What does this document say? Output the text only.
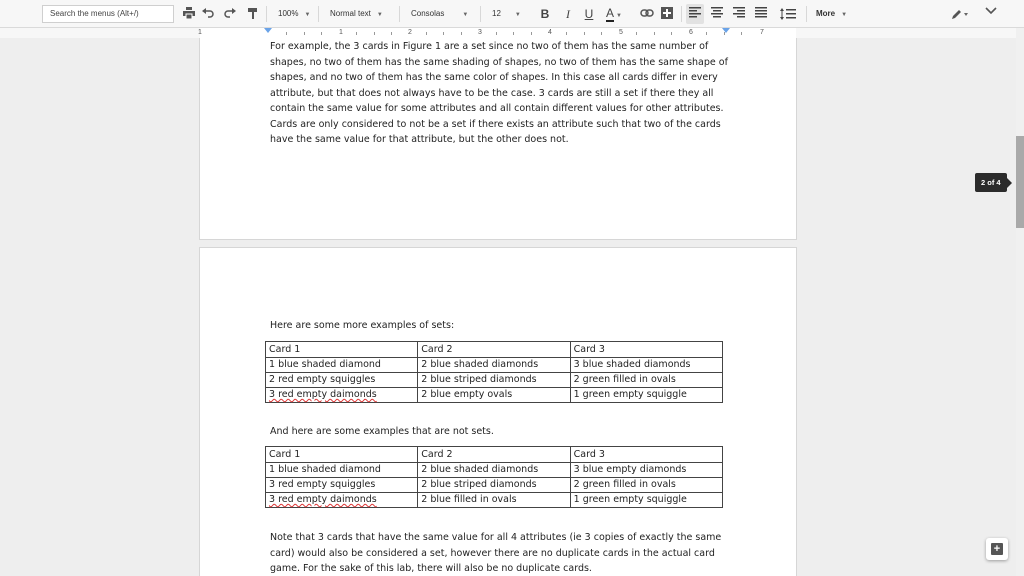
Search the menus (Alt+/)	100% ▼ Normal text ▼	Consolas	▼	12 ▼	B	I	U	A ▼	More ▼
1	1	2	3	4	5	6	7

For example, the 3 cards in Figure 1 are a set since no two of them has the same number of shapes, no two of them has the same shading of shapes, no two of them has the same shape of shapes, and no two of them has the same color of shapes. In this case all cards differ in every attribute, but that does not always have to be the case. 3 cards are still a set if there they all contain the same value for some attributes and all contain different values for other attributes. Cards are only considered to not be a set if there exists an attribute such that two of the cards have the same value for that attribute, but the other does not.

Here are some more examples of sets:

Card 1	Card 2	Card 3
1 blue shaded diamond	2 blue shaded diamonds	3 blue shaded diamonds
2 red empty squiggles	2 blue striped diamonds	2 green filled in ovals
3 red empty daimonds	2 blue empty ovals	1 green empty squiggle

And here are some examples that are not sets.

Card 1	Card 2	Card 3
1 blue shaded diamond	2 blue shaded diamonds	3 blue empty diamonds
3 red empty squiggles	2 blue striped diamonds	2 green filled in ovals
3 red empty daimonds	2 blue filled in ovals	1 green empty squiggle

Note that 3 cards that have the same value for all 4 attributes (ie 3 copies of exactly the same card) would also be considered a set, however there are no duplicate cards in the actual card game. For the sake of this lab, there will also be no duplicate cards.

2 of 4
+
